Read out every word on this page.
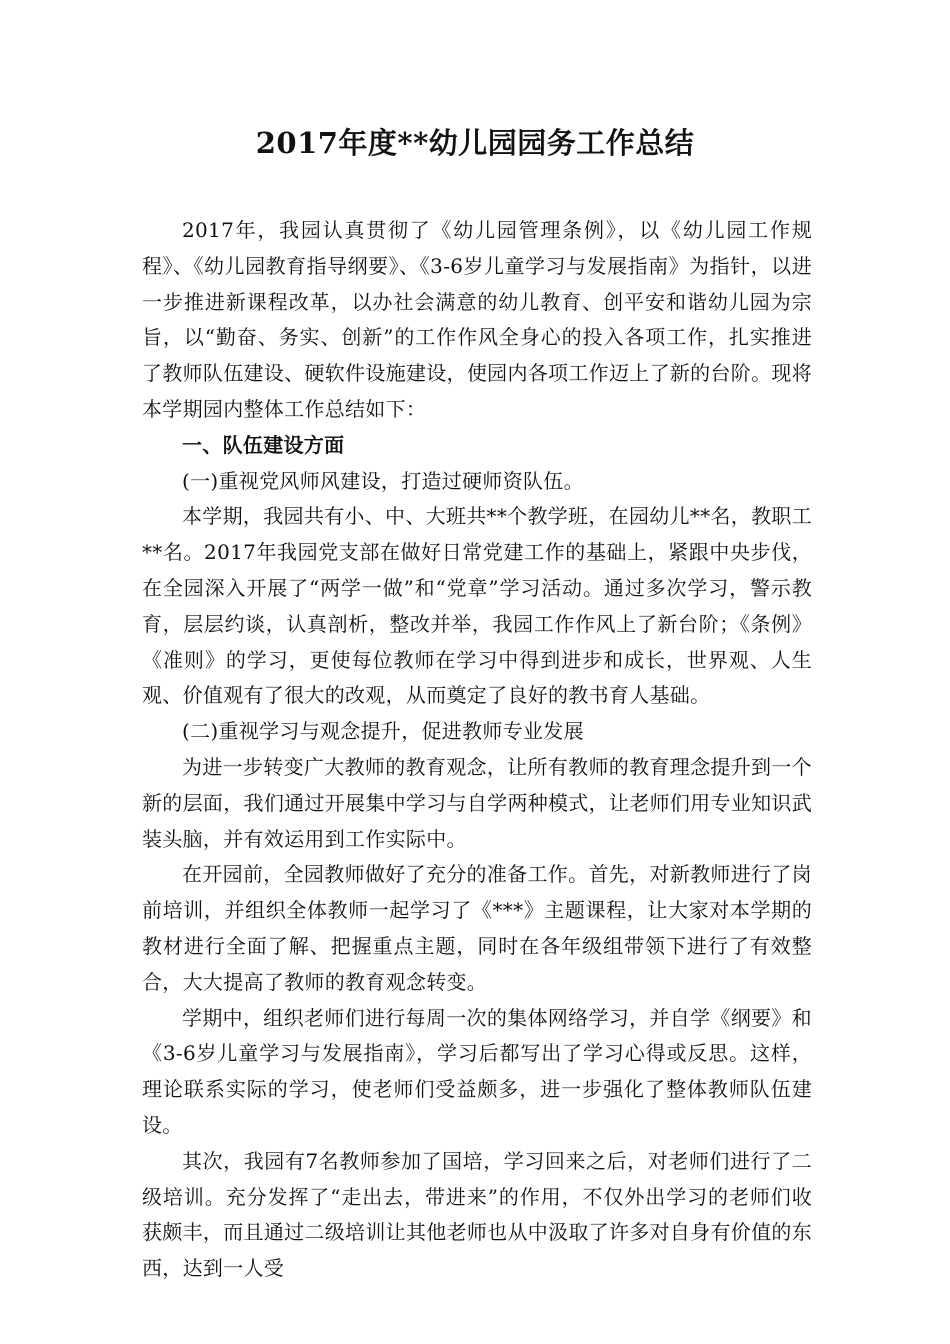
2017年度**幼儿园园务工作总结

2017年，我园认真贯彻了《幼儿园管理条例》，以《幼儿园工作规程》、《幼儿园教育指导纲要》、《3-6岁儿童学习与发展指南》为指针，以进一步推进新课程改革，以办社会满意的幼儿教育、创平安和谐幼儿园为宗旨，以“勤奋、务实、创新”的工作作风全身心的投入各项工作，扎实推进了教师队伍建设、硬软件设施建设，使园内各项工作迈上了新的台阶。现将本学期园内整体工作总结如下：

一、队伍建设方面

(一)重视党风师风建设，打造过硬师资队伍。

本学期，我园共有小、中、大班共**个教学班，在园幼儿**名，教职工**名。2017年我园党支部在做好日常党建工作的基础上，紧跟中央步伐，在全园深入开展了“两学一做”和“党章”学习活动。通过多次学习，警示教育，层层约谈，认真剖析，整改并举，我园工作作风上了新台阶；《条例》《准则》的学习，更使每位教师在学习中得到进步和成长，世界观、人生观、价值观有了很大的改观，从而奠定了良好的教书育人基础。

(二)重视学习与观念提升，促进教师专业发展

为进一步转变广大教师的教育观念，让所有教师的教育理念提升到一个新的层面，我们通过开展集中学习与自学两种模式，让老师们用专业知识武装头脑，并有效运用到工作实际中。

在开园前，全园教师做好了充分的准备工作。首先，对新教师进行了岗前培训，并组织全体教师一起学习了《***》主题课程，让大家对本学期的教材进行全面了解、把握重点主题，同时在各年级组带领下进行了有效整合，大大提高了教师的教育观念转变。

学期中，组织老师们进行每周一次的集体网络学习，并自学《纲要》和《3-6岁儿童学习与发展指南》，学习后都写出了学习心得或反思。这样，理论联系实际的学习，使老师们受益颇多，进一步强化了整体教师队伍建设。

其次，我园有7名教师参加了国培，学习回来之后，对老师们进行了二级培训。充分发挥了“走出去，带进来”的作用，不仅外出学习的老师们收获颇丰，而且通过二级培训让其他老师也从中汲取了许多对自身有价值的东西，达到一人受
